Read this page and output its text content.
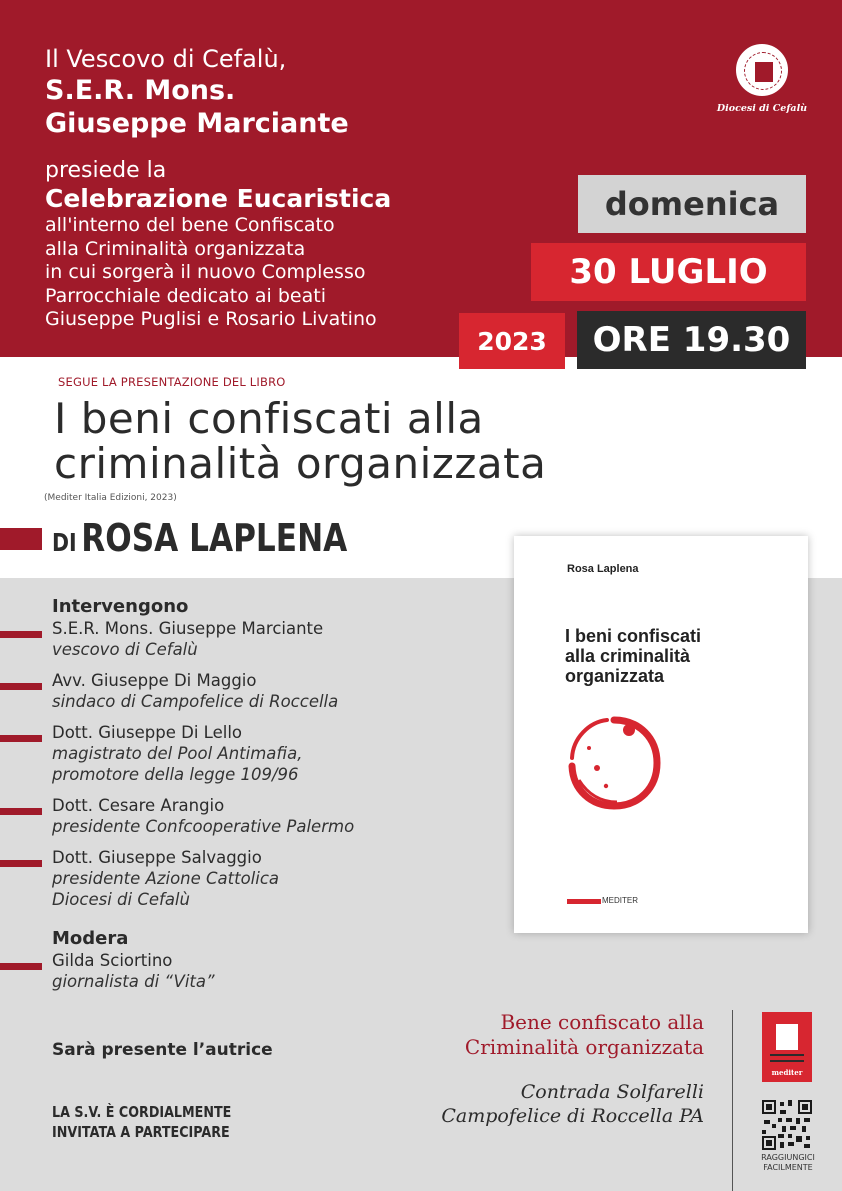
Il Vescovo di Cefalù,
S.E.R. Mons.
Giuseppe Marciante
presiede la
Celebrazione Eucaristica
all'interno del bene Confiscato
alla Criminalità organizzata
in cui sorgerà il nuovo Complesso
Parrocchiale dedicato ai beati
Giuseppe Puglisi e Rosario Livatino
Diocesi di Cefalù
domenica
30 LUGLIO
2023	ORE 19.30
SEGUE LA PRESENTAZIONE DEL LIBRO
I beni confiscati alla
criminalità organizzata
(Mediter Italia Edizioni, 2023)
DI ROSA LAPLENA
Intervengono
S.E.R. Mons. Giuseppe Marciante
vescovo di Cefalù
Avv. Giuseppe Di Maggio
sindaco di Campofelice di Roccella
Dott. Giuseppe Di Lello
magistrato del Pool Antimafia,
promotore della legge 109/96
Dott. Cesare Arangio
presidente Confcooperative Palermo
Dott. Giuseppe Salvaggio
presidente Azione Cattolica
Diocesi di Cefalù
Modera
Gilda Sciortino
giornalista di “Vita”
Sarà presente l’autrice
LA S.V. È CORDIALMENTE
INVITATA A PARTECIPARE
Rosa Laplena
I beni confiscati
alla criminalità
organizzata
MEDITER
Bene confiscato alla
Criminalità organizzata
Contrada Solfarelli
Campofelice di Roccella PA
mediter
RAGGIUNGICI
FACILMENTE
